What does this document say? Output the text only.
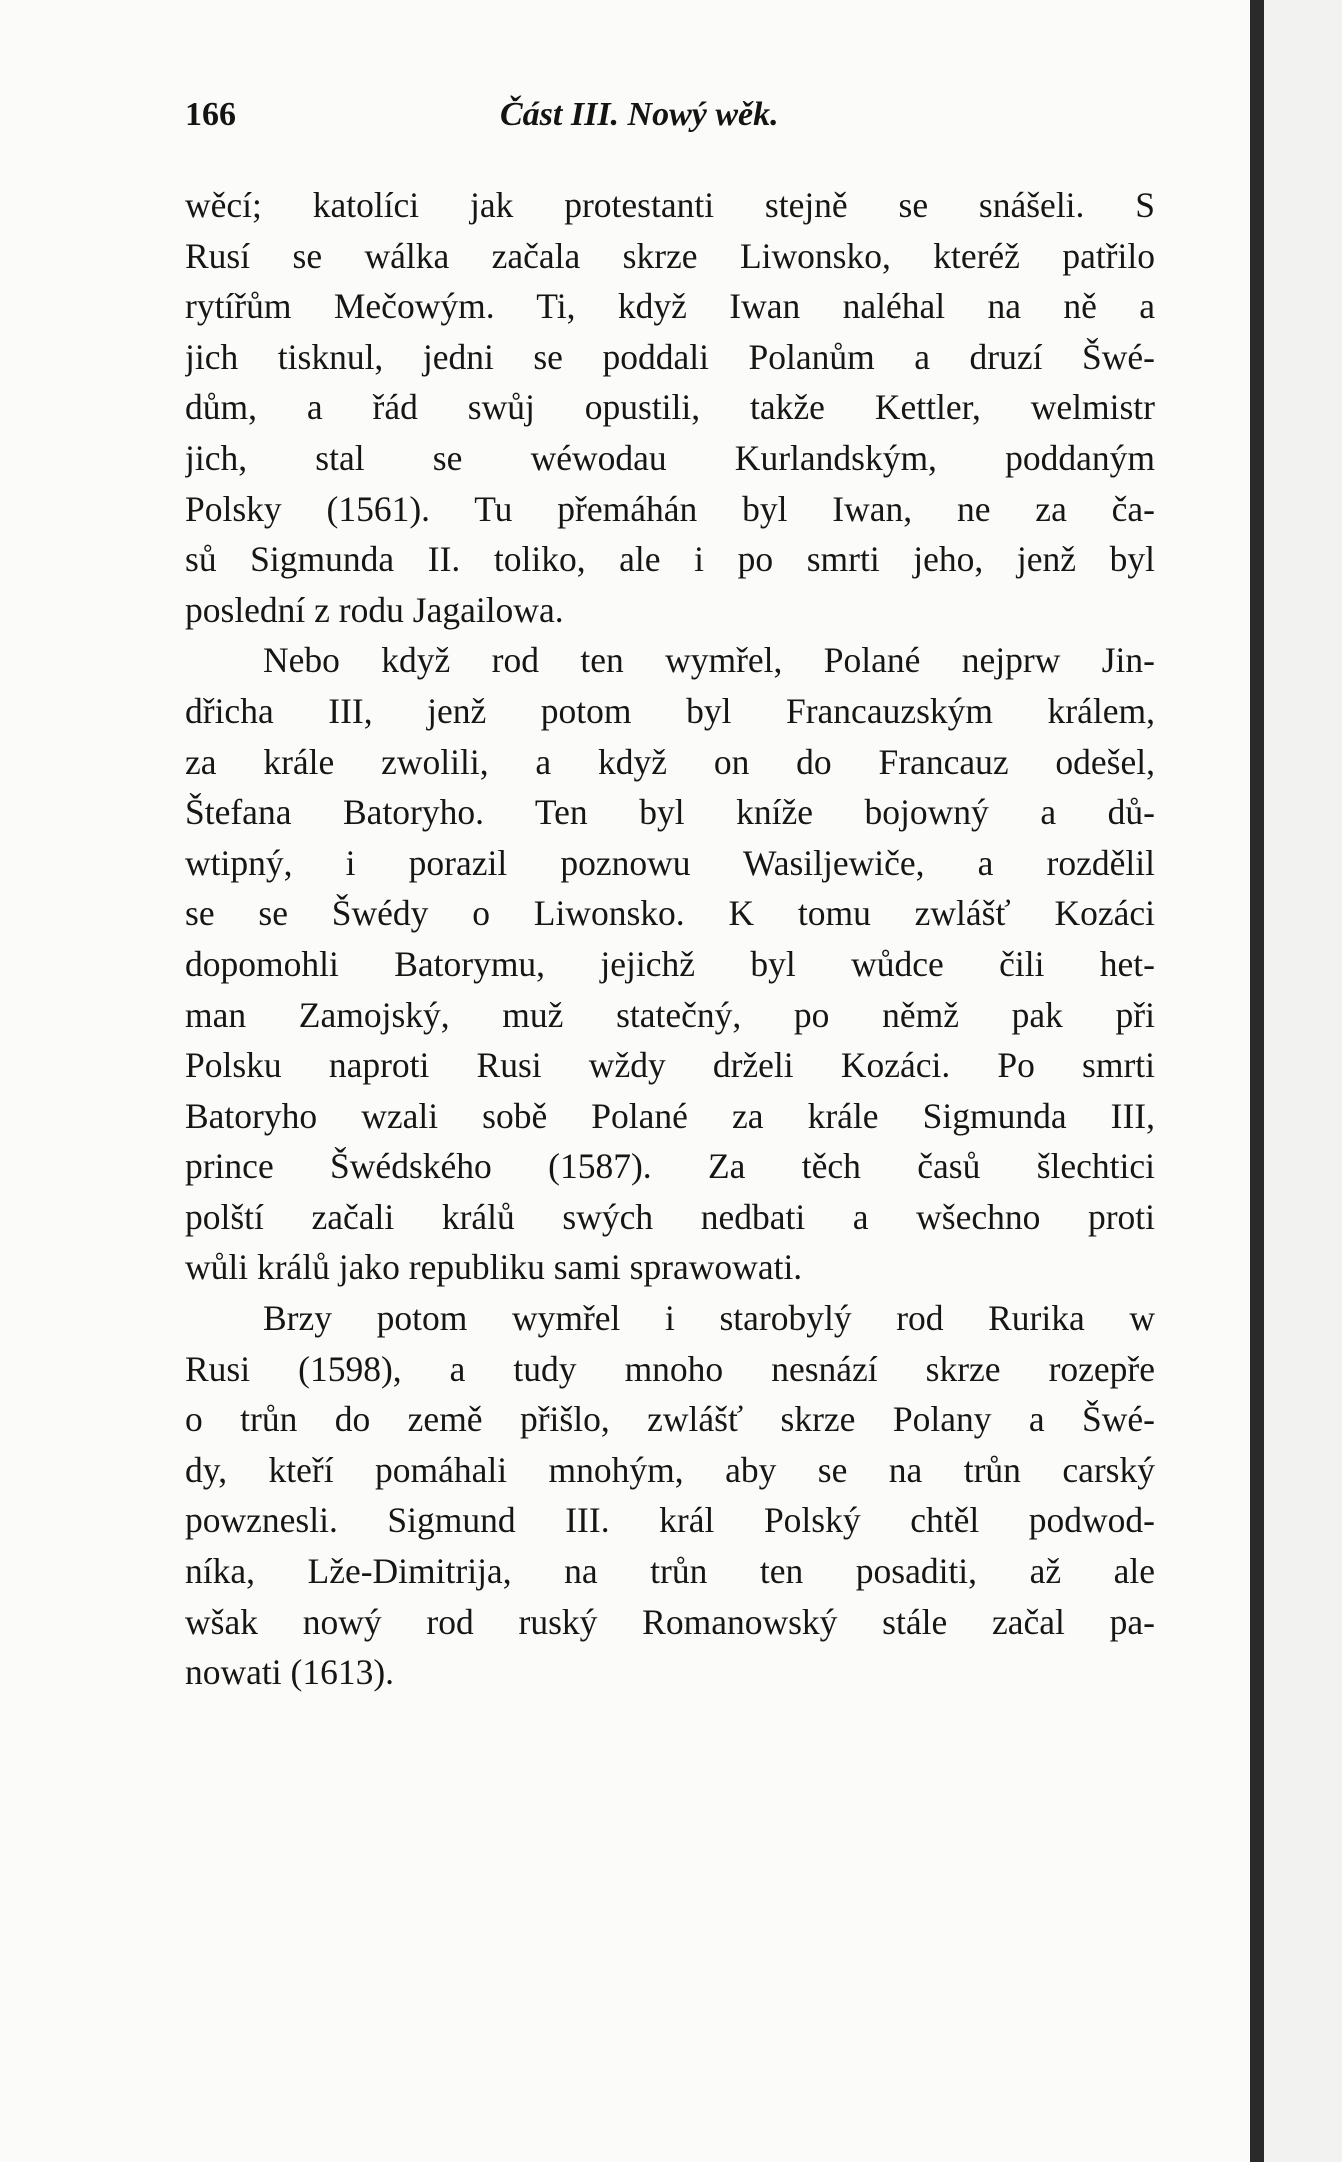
166	Část III. Nowý wěk.
wěcí; katolíci jak protestanti stejně se snášeli. S
Rusí se wálka začala skrze Liwonsko, kteréž patřilo
rytířům Mečowým. Ti, když Iwan naléhal na ně a
jich tisknul, jedni se poddali Polanům a druzí Šwé-
dům, a řád swůj opustili, takže Kettler, welmistr
jich, stal se wéwodau Kurlandským, poddaným
Polsky (1561). Tu přemáhán byl Iwan, ne za ča-
sů Sigmunda II. toliko, ale i po smrti jeho, jenž byl
poslední z rodu Jagailowa.
Nebo když rod ten wymřel, Polané nejprw Jin-
dřicha III, jenž potom byl Francauzským králem,
za krále zwolili, a když on do Francauz odešel,
Štefana Batoryho. Ten byl kníže bojowný a dů-
wtipný, i porazil poznowu Wasiljewiče, a rozdělil
se se Šwédy o Liwonsko. K tomu zwlášť Kozáci
dopomohli Batorymu, jejichž byl wůdce čili het-
man Zamojský, muž statečný, po němž pak při
Polsku naproti Rusi wždy drželi Kozáci. Po smrti
Batoryho wzali sobě Polané za krále Sigmunda III,
prince Šwédského (1587). Za těch časů šlechtici
polští začali králů swých nedbati a wšechno proti
wůli králů jako republiku sami sprawowati.
Brzy potom wymřel i starobylý rod Rurika w
Rusi (1598), a tudy mnoho nesnází skrze rozepře
o trůn do země přišlo, zwlášť skrze Polany a Šwé-
dy, kteří pomáhali mnohým, aby se na trůn carský
powznesli. Sigmund III. král Polský chtěl podwod-
níka, Lže-Dimitrija, na trůn ten posaditi, až ale
wšak nowý rod ruský Romanowský stále začal pa-
nowati (1613).
